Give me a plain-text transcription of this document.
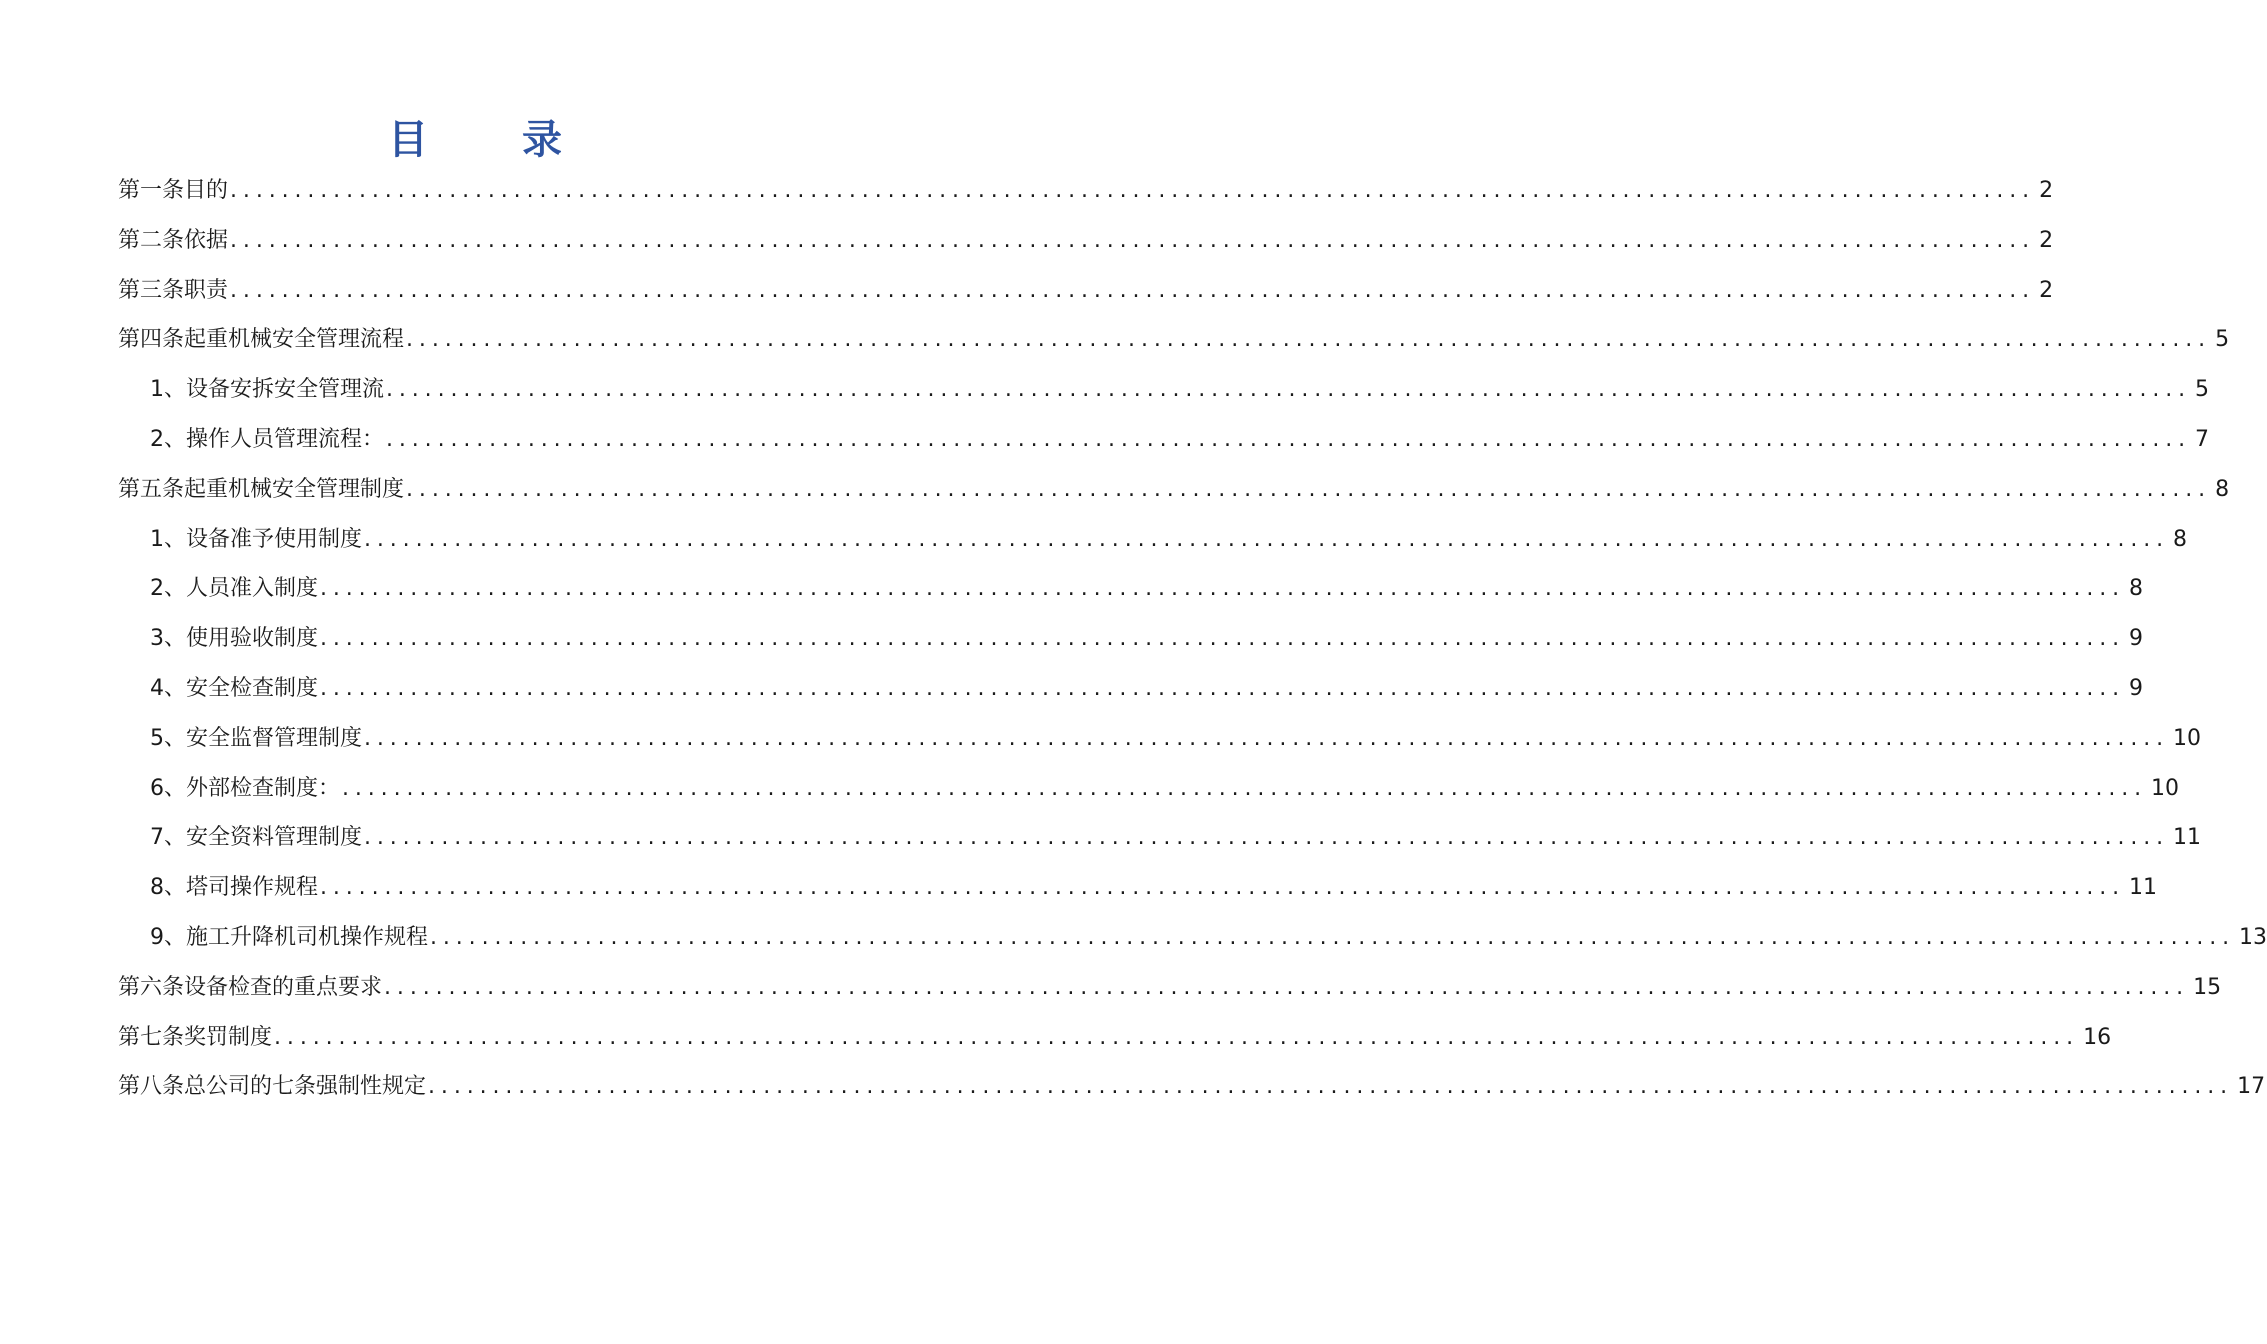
目 录
第一条 目的 ............................................................................................................................................ 2
第二条 依据 ............................................................................................................................................ 2
第三条 职责 ............................................................................................................................................ 2
第四条 起重机械安全管理流程 ............................................................................................................................................ 5
1、设备安拆安全管理流 ............................................................................................................................................ 5
2、操作人员管理流程： ............................................................................................................................................ 7
第五条 起重机械安全管理制度 ............................................................................................................................................ 8
1、设备准予使用制度 ............................................................................................................................................ 8
2、人员准入制度 ............................................................................................................................................ 8
3、使用验收制度 ............................................................................................................................................ 9
4、安全检查制度 ............................................................................................................................................ 9
5、安全监督管理制度 ............................................................................................................................................ 10
6、外部检查制度： ............................................................................................................................................ 10
7、安全资料管理制度 ............................................................................................................................................ 11
8、塔司操作规程 ............................................................................................................................................ 11
9、施工升降机司机操作规程 ............................................................................................................................................ 13
第六条 设备检查的重点要求 ............................................................................................................................................ 15
第七条 奖罚制度 ............................................................................................................................................ 16
第八条 总公司的七条强制性规定 ............................................................................................................................................ 17
